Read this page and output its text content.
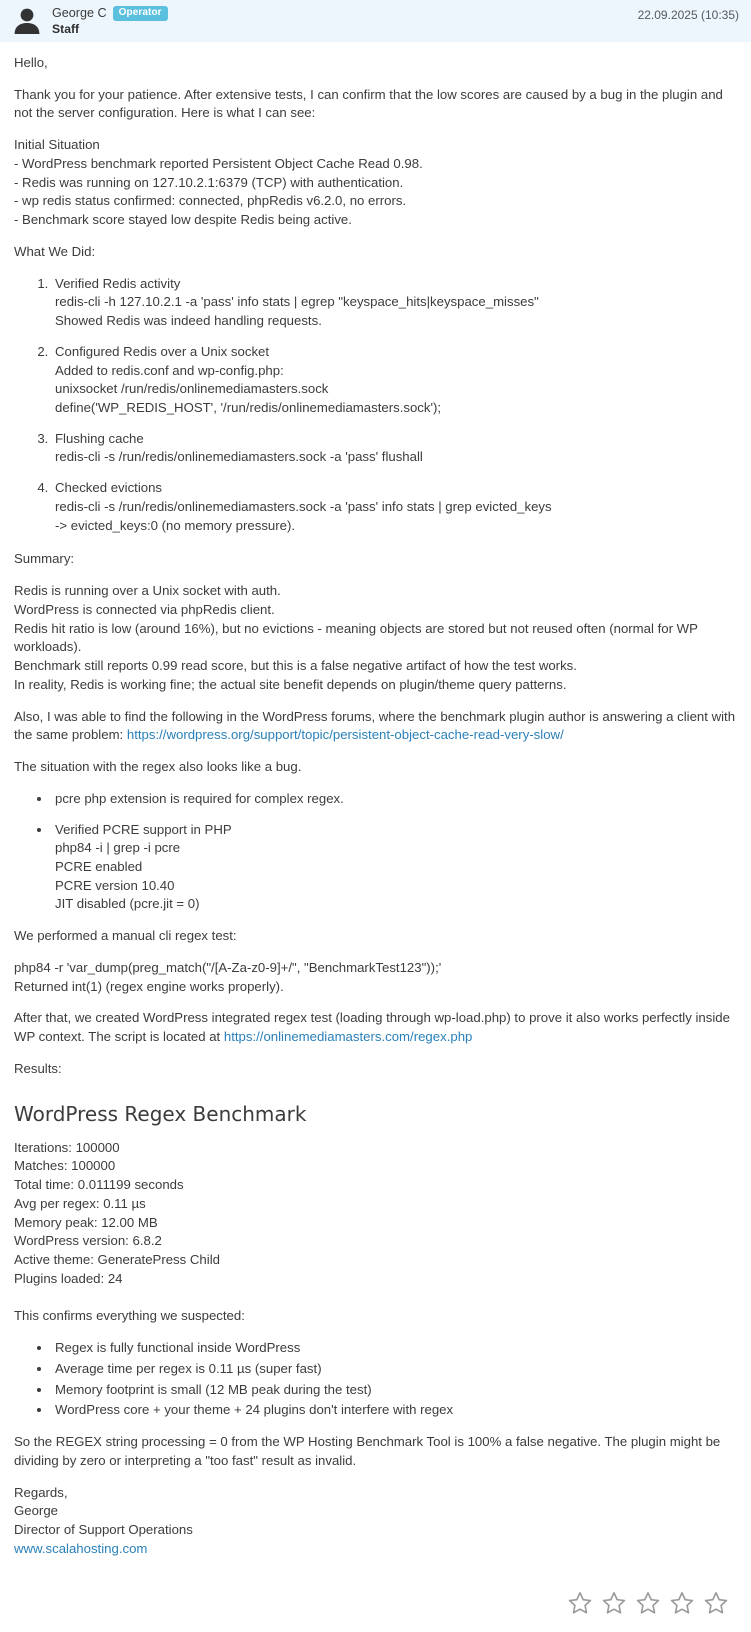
George C	Operator
Staff
22.09.2025 (10:35)

Hello,

Thank you for your patience. After extensive tests, I can confirm that the low scores are caused by a bug in the plugin and not the server configuration. Here is what I can see:

Initial Situation
- WordPress benchmark reported Persistent Object Cache Read 0.98.
- Redis was running on 127.10.2.1:6379 (TCP) with authentication.
- wp redis status confirmed: connected, phpRedis v6.2.0, no errors.
- Benchmark score stayed low despite Redis being active.

What We Did:

1. Verified Redis activity
redis-cli -h 127.10.2.1 -a 'pass' info stats | egrep "keyspace_hits|keyspace_misses"
Showed Redis was indeed handling requests.
2. Configured Redis over a Unix socket
Added to redis.conf and wp-config.php:
unixsocket /run/redis/onlinemediamasters.sock
define('WP_REDIS_HOST', '/run/redis/onlinemediamasters.sock');
3. Flushing cache
redis-cli -s /run/redis/onlinemediamasters.sock -a 'pass' flushall
4. Checked evictions
redis-cli -s /run/redis/onlinemediamasters.sock -a 'pass' info stats | grep evicted_keys
-> evicted_keys:0 (no memory pressure).

Summary:

Redis is running over a Unix socket with auth.
WordPress is connected via phpRedis client.
Redis hit ratio is low (around 16%), but no evictions - meaning objects are stored but not reused often (normal for WP workloads).
Benchmark still reports 0.99 read score, but this is a false negative artifact of how the test works.
In reality, Redis is working fine; the actual site benefit depends on plugin/theme query patterns.

Also, I was able to find the following in the WordPress forums, where the benchmark plugin author is answering a client with the same problem: https://wordpress.org/support/topic/persistent-object-cache-read-very-slow/

The situation with the regex also looks like a bug.

• pcre php extension is required for complex regex.
• Verified PCRE support in PHP
php84 -i | grep -i pcre
PCRE enabled
PCRE version 10.40
JIT disabled (pcre.jit = 0)

We performed a manual cli regex test:

php84 -r 'var_dump(preg_match("/[A-Za-z0-9]+/", "BenchmarkTest123"));'
Returned int(1) (regex engine works properly).

After that, we created WordPress integrated regex test (loading through wp-load.php) to prove it also works perfectly inside WP context. The script is located at https://onlinemediamasters.com/regex.php

Results:

WordPress Regex Benchmark
Iterations: 100000
Matches: 100000
Total time: 0.011199 seconds
Avg per regex: 0.11 µs
Memory peak: 12.00 MB
WordPress version: 6.8.2
Active theme: GeneratePress Child
Plugins loaded: 24

This confirms everything we suspected:

• Regex is fully functional inside WordPress
• Average time per regex is 0.11 µs (super fast)
• Memory footprint is small (12 MB peak during the test)
• WordPress core + your theme + 24 plugins don't interfere with regex

So the REGEX string processing = 0 from the WP Hosting Benchmark Tool is 100% a false negative. The plugin might be dividing by zero or interpreting a "too fast" result as invalid.

Regards,
George
Director of Support Operations
www.scalahosting.com
